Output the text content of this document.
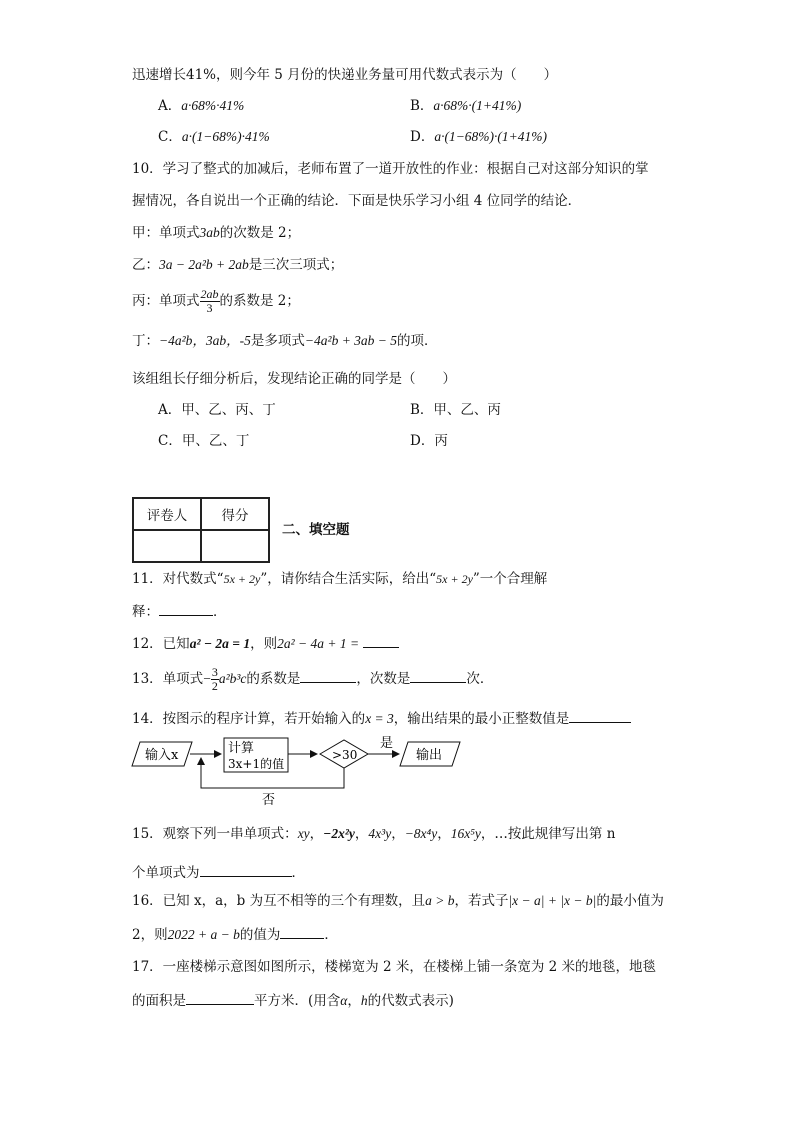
迅速增长41%，则今年 5 月份的快递业务量可用代数式表示为（　　）
A．a·68%·41%	B．a·68%·(1+41%)
C．a·(1−68%)·41%	D．a·(1−68%)·(1+41%)
10．学习了整式的加减后，老师布置了一道开放性的作业：根据自己对这部分知识的掌
握情况，各自说出一个正确的结论．下面是快乐学习小组 4 位同学的结论．
甲：单项式3ab的次数是 2；
乙：3a − 2a²b + 2ab是三次三项式；
丙：单项式 $\frac{2ab}{3}$ 的系数是 2；
丁：−4a²b，3ab，-5是多项式−4a²b + 3ab − 5的项．
该组组长仔细分析后，发现结论正确的同学是（　　）
A．甲、乙、丙、丁	B．甲、乙、丙
C．甲、乙、丁	D．丙
评卷人	得分

二、填空题
11．对代数式“5x + 2y”，请你结合生活实际，给出“5x + 2y”一个合理解
释：	．
12．已知a² − 2a = 1，则2a² − 4a + 1 =
13．单项式− $\frac{3}{2} a^2b^3c$的系数是	，次数是	次．
14．按图示的程序计算，若开始输入的x = 3，输出结果的最小正整数值是
输入x	计算
3x+1的值
>30
是
输出
否
15．观察下列一串单项式：xy，−2x²y，4x³y，−8x⁴y，16x⁵y，…按此规律写出第 n
个单项式为	．
16．已知 x，a，b 为互不相等的三个有理数，且a > b，若式子|x − a| + |x − b|的最小值为
2，则2022 + a − b的值为	．
17．一座楼梯示意图如图所示，楼梯宽为 2 米，在楼梯上铺一条宽为 2 米的地毯，地毯
的面积是	平方米．(用含α，h的代数式表示)
